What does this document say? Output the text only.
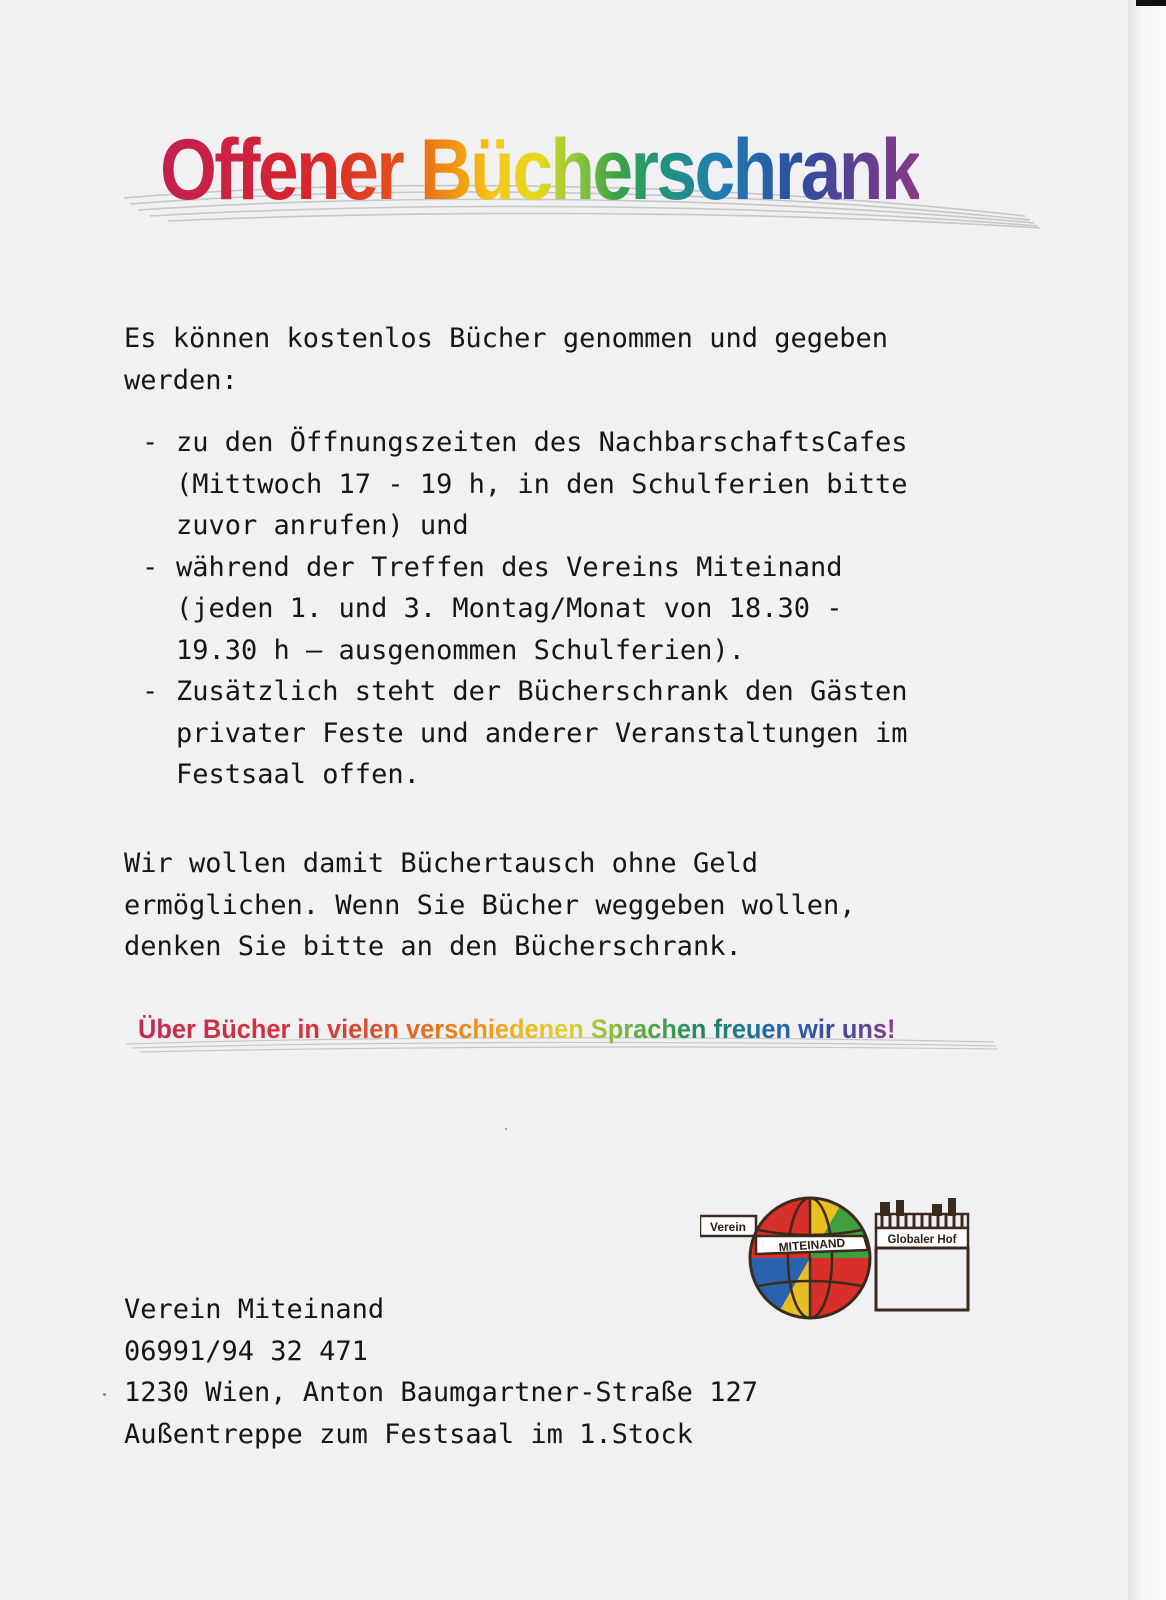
Offener Bücherschrank
Es können kostenlos Bücher genommen und gegeben
werden:
- zu den Öffnungszeiten des NachbarschaftsCafes
(Mittwoch 17 - 19 h, in den Schulferien bitte
zuvor anrufen) und
- während der Treffen des Vereins Miteinand
(jeden 1. und 3. Montag/Monat von 18.30 -
19.30 h – ausgenommen Schulferien).
- Zusätzlich steht der Bücherschrank den Gästen
privater Feste und anderer Veranstaltungen im
Festsaal offen.
Wir wollen damit Büchertausch ohne Geld
ermöglichen. Wenn Sie Bücher weggeben wollen,
denken Sie bitte an den Bücherschrank.
Über Bücher in vielen verschiedenen Sprachen freuen wir uns!
Verein
MITEINAND	Globaler Hof
Verein Miteinand
06991/94 32 471
1230 Wien, Anton Baumgartner-Straße 127
Außentreppe zum Festsaal im 1.Stock
